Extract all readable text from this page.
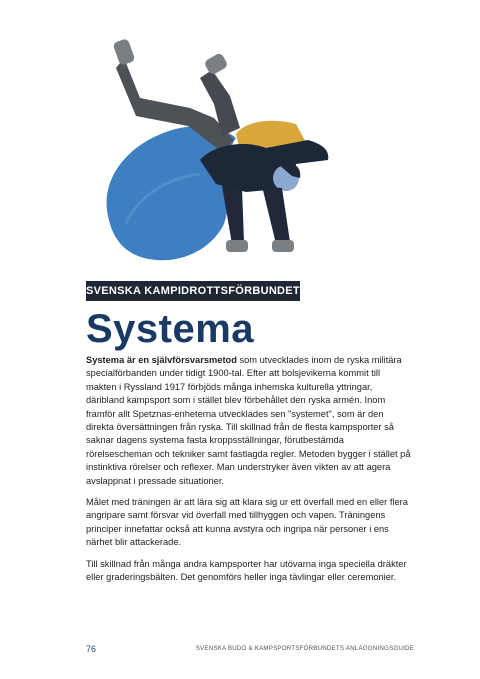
SVENSKA KAMPIDROTTSFÖRBUNDET
Systema

Systema är en självförsvarsmetod som utvecklades inom de ryska militära specialförbanden under tidigt 1900-tal. Efter att bolsjevikerna kommit till makten i Ryssland 1917 förbjöds många inhemska kulturella yttringar, däribland kampsport som i stället blev förbehållet den ryska armén. Inom framför allt Spetznas-enheterna utvecklades sen "systemet", som är den direkta översättningen från ryska. Till skillnad från de flesta kampsporter så saknar dagens systema fasta kroppsställningar, förutbestämda rörelsescheman och tekniker samt fastlagda regler. Metoden bygger i stället på instinktiva rörelser och reflexer. Man understryker även vikten av att agera avslappnat i pressade situationer.

Målet med träningen är att lära sig att klara sig ur ett överfall med en eller flera angripare samt försvar vid överfall med tillhyggen och vapen. Träningens principer innefattar också att kunna avstyra och ingripa när personer i ens närhet blir attackerade.

Till skillnad från många andra kampsporter har utövarna inga speciella dräkter eller graderingsbälten. Det genomförs heller inga tävlingar eller ceremonier.

76	SVENSKA BUDO & KAMPSPORTSFÖRBUNDETS ANLÄGGNINGSGUIDE
